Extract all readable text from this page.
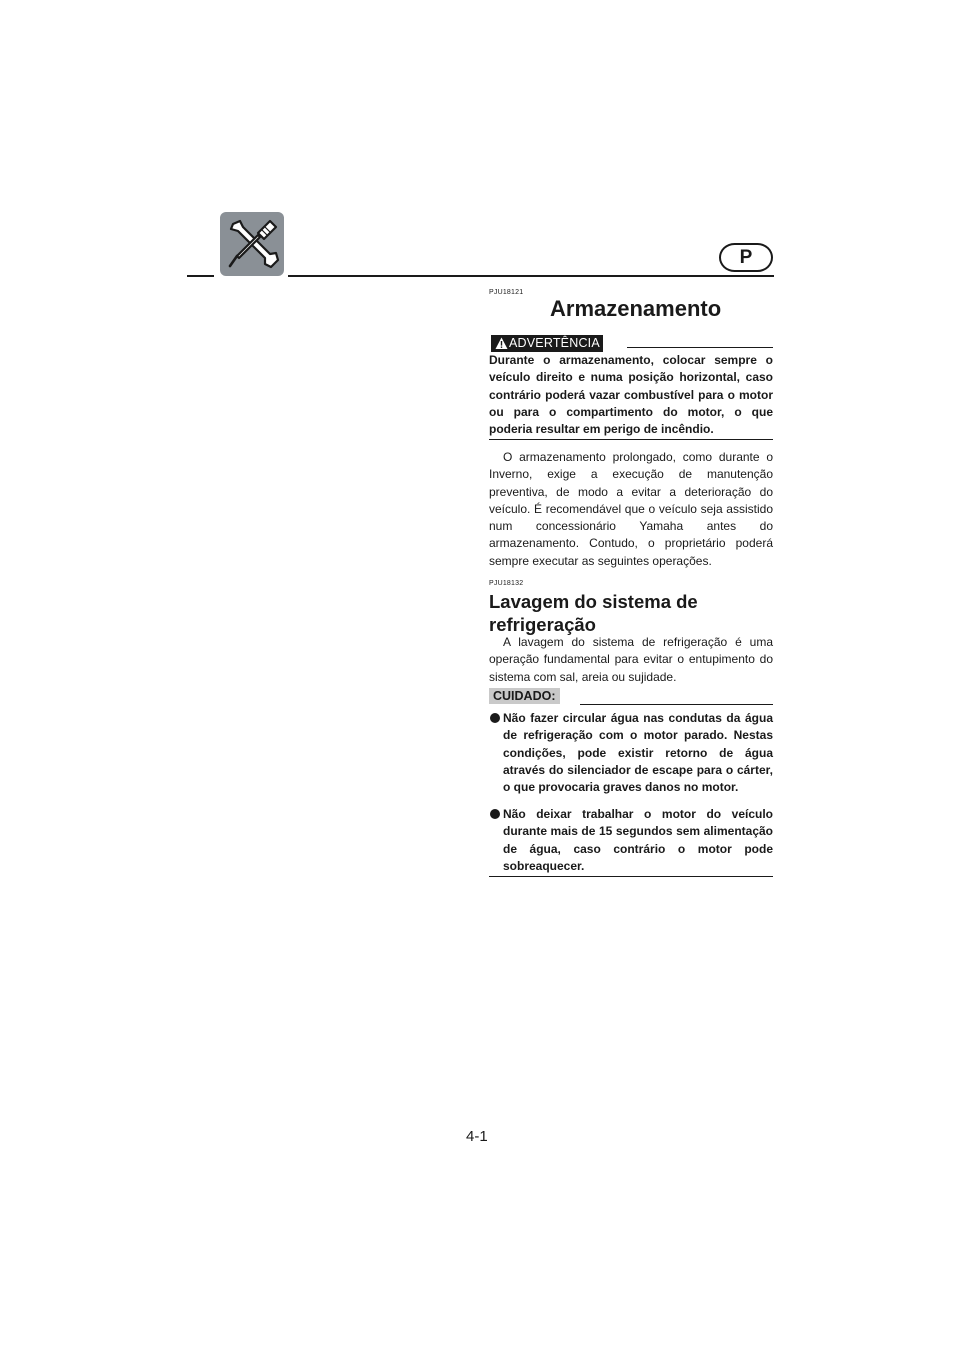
P
PJU18121
Armazenamento
ADVERTÊNCIA
Durante o armazenamento, colocar sempre o veículo direito e numa posição horizontal, caso contrário poderá vazar combustível para o motor ou para o compartimento do motor, o que poderia resultar em perigo de incêndio.
O armazenamento prolongado, como durante o Inverno, exige a execução de manutenção preventiva, de modo a evitar a deterioração do veículo. É recomendável que o veículo seja assistido num concessionário Yamaha antes do armazenamento. Contudo, o proprietário poderá sempre executar as seguintes operações.
PJU18132
Lavagem do sistema de
refrigeração
A lavagem do sistema de refrigeração é uma operação fundamental para evitar o entupimento do sistema com sal, areia ou sujidade.
CUIDADO:
Não fazer circular água nas condutas da água de refrigeração com o motor parado. Nestas condições, pode existir retorno de água através do silenciador de escape para o cárter, o que provocaria graves danos no motor.
Não deixar trabalhar o motor do veículo durante mais de 15 segundos sem alimentação de água, caso contrário o motor pode sobreaquecer.
4-1
